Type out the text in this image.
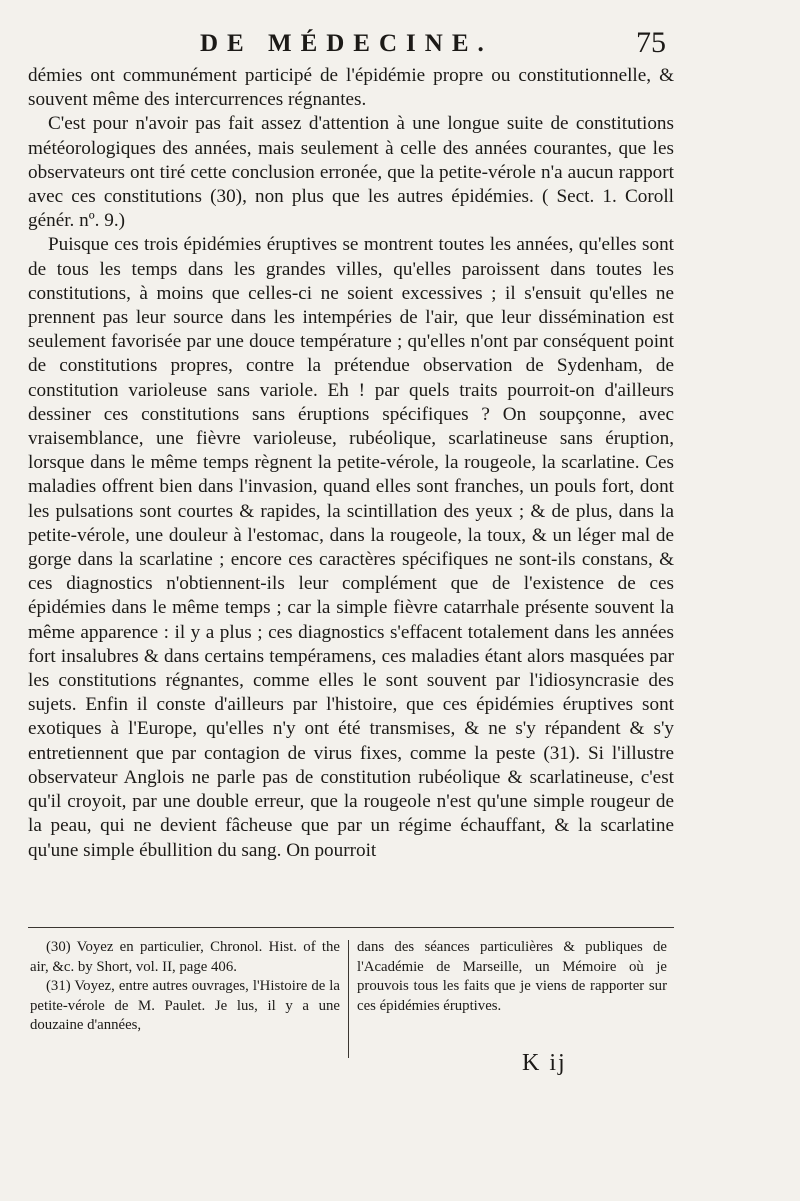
DE MÉDECINE.	75

démies ont communément participé de l'épidémie propre ou constitutionnelle, & souvent même des intercurrences régnantes.

C'est pour n'avoir pas fait assez d'attention à une longue suite de constitutions météorologiques des années, mais seulement à celle des années courantes, que les observateurs ont tiré cette conclusion erronée, que la petite-vérole n'a aucun rapport avec ces constitutions (30), non plus que les autres épidémies. ( Sect. 1. Coroll génér. nº. 9.)

Puisque ces trois épidémies éruptives se montrent toutes les années, qu'elles sont de tous les temps dans les grandes villes, qu'elles paroissent dans toutes les constitutions, à moins que celles-ci ne soient excessives ; il s'ensuit qu'elles ne prennent pas leur source dans les intempéries de l'air, que leur dissémination est seulement favorisée par une douce température ; qu'elles n'ont par conséquent point de constitutions propres, contre la prétendue observation de Sydenham, de constitution varioleuse sans variole. Eh ! par quels traits pourroit-on d'ailleurs dessiner ces constitutions sans éruptions spécifiques ? On soupçonne, avec vraisemblance, une fièvre varioleuse, rubéolique, scarlatineuse sans éruption, lorsque dans le même temps règnent la petite-vérole, la rougeole, la scarlatine. Ces maladies offrent bien dans l'invasion, quand elles sont franches, un pouls fort, dont les pulsations sont courtes & rapides, la scintillation des yeux ; & de plus, dans la petite-vérole, une douleur à l'estomac, dans la rougeole, la toux, & un léger mal de gorge dans la scarlatine ; encore ces caractères spécifiques ne sont-ils constans, & ces diagnostics n'obtiennent-ils leur complément que de l'existence de ces épidémies dans le même temps ; car la simple fièvre catarrhale présente souvent la même apparence : il y a plus ; ces diagnostics s'effacent totalement dans les années fort insalubres & dans certains tempéramens, ces maladies étant alors masquées par les constitutions régnantes, comme elles le sont souvent par l'idiosyncrasie des sujets. Enfin il conste d'ailleurs par l'histoire, que ces épidémies éruptives sont exotiques à l'Europe, qu'elles n'y ont été transmises, & ne s'y répandent & s'y entretiennent que par contagion de virus fixes, comme la peste (31). Si l'illustre observateur Anglois ne parle pas de constitution rubéolique & scarlatineuse, c'est qu'il croyoit, par une double erreur, que la rougeole n'est qu'une simple rougeur de la peau, qui ne devient fâcheuse que par un régime échauffant, & la scarlatine qu'une simple ébullition du sang. On pourroit

(30) Voyez en particulier, Chronol. Hist. of the air, &c. by Short, vol. II, page 406.

(31) Voyez, entre autres ouvrages, l'Histoire de la petite-vérole de M. Paulet. Je lus, il y a une douzaine d'années,

dans des séances particulières & publiques de l'Académie de Marseille, un Mémoire où je prouvois tous les faits que je viens de rapporter sur ces épidémies éruptives.

K ij
